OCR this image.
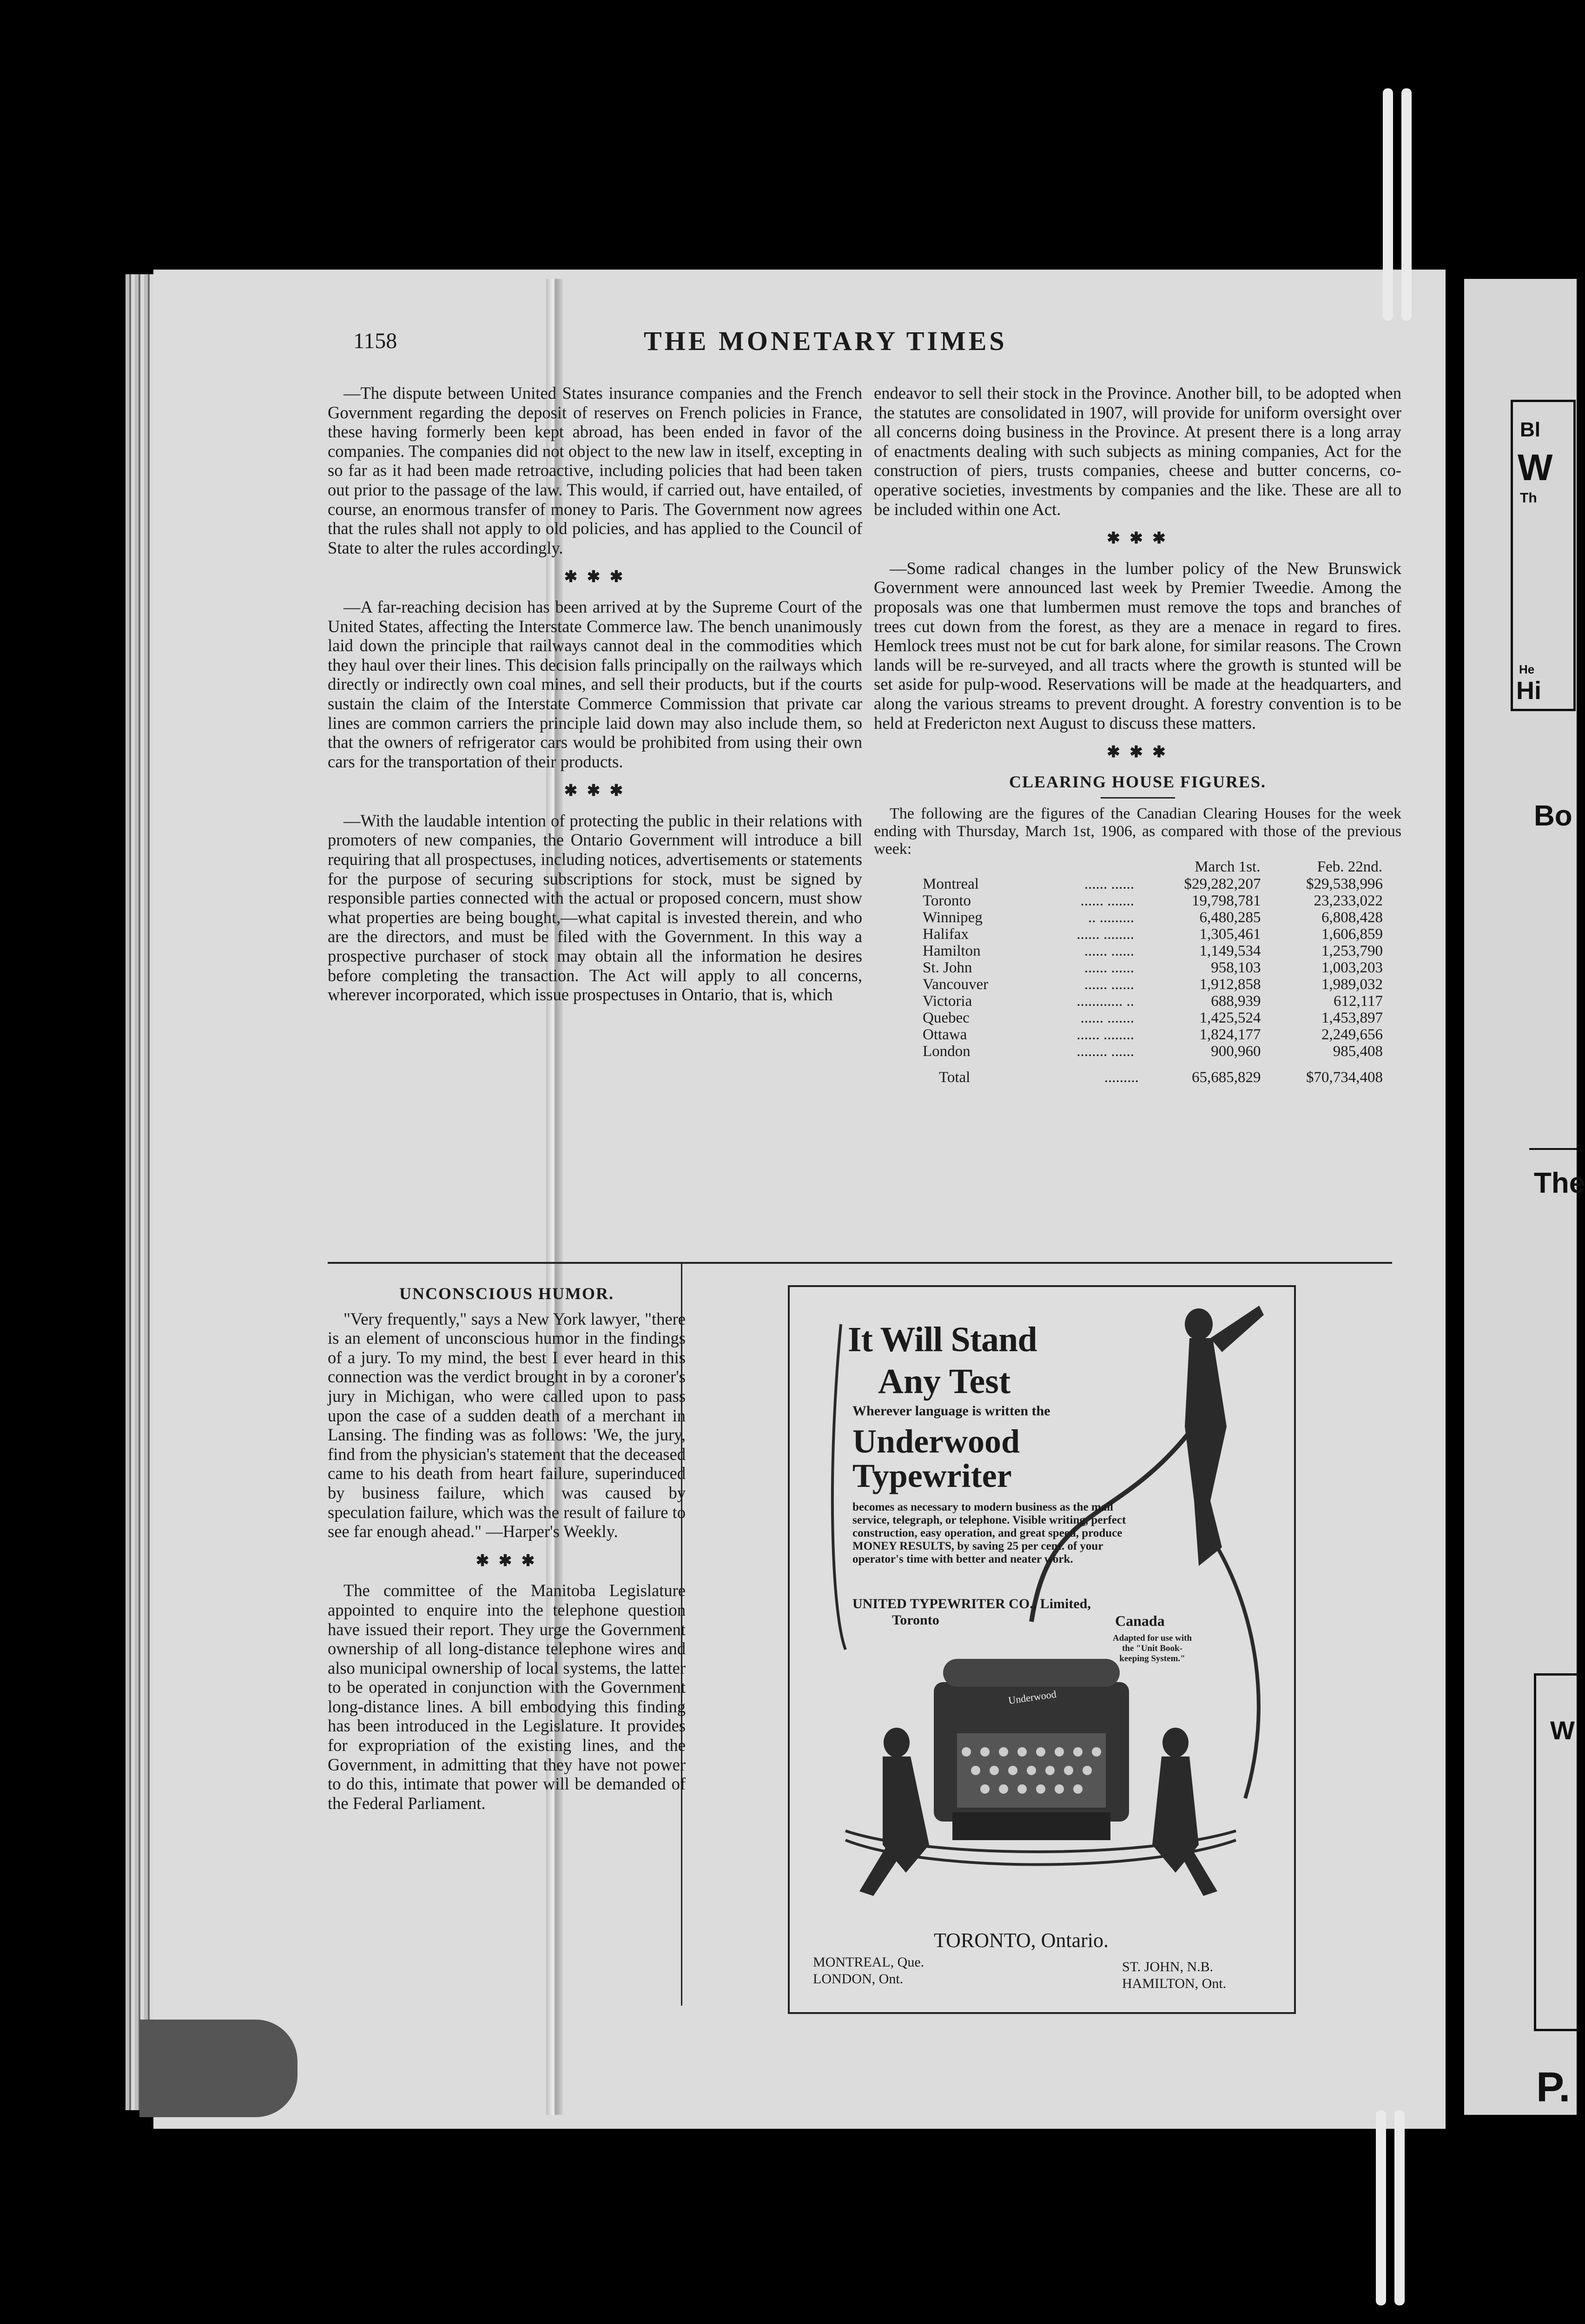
1158	THE MONETARY TIMES

—The dispute between United States insurance companies and the French Government regarding the deposit of reserves on French policies in France, these having formerly been kept abroad, has been ended in favor of the companies. The companies did not object to the new law in itself, excepting in so far as it had been made retroactive, including policies that had been taken out prior to the passage of the law. This would, if carried out, have entailed, of course, an enormous transfer of money to Paris. The Government now agrees that the rules shall not apply to old policies, and has applied to the Council of State to alter the rules accordingly.

✱ ✱ ✱

—A far-reaching decision has been arrived at by the Supreme Court of the United States, affecting the Interstate Commerce law. The bench unanimously laid down the principle that railways cannot deal in the commodities which they haul over their lines. This decision falls principally on the railways which directly or indirectly own coal mines, and sell their products, but if the courts sustain the claim of the Interstate Commerce Commission that private car lines are common carriers the principle laid down may also include them, so that the owners of refrigerator cars would be prohibited from using their own cars for the transportation of their products.

✱ ✱ ✱

—With the laudable intention of protecting the public in their relations with promoters of new companies, the Ontario Government will introduce a bill requiring that all prospectuses, including notices, advertisements or statements for the purpose of securing subscriptions for stock, must be signed by responsible parties connected with the actual or proposed concern, must show what properties are being bought,—what capital is invested therein, and who are the directors, and must be filed with the Government. In this way a prospective purchaser of stock may obtain all the information he desires before completing the transaction. The Act will apply to all concerns, wherever incorporated, which issue prospectuses in Ontario, that is, which

endeavor to sell their stock in the Province. Another bill, to be adopted when the statutes are consolidated in 1907, will provide for uniform oversight over all concerns doing business in the Province. At present there is a long array of enactments dealing with such subjects as mining companies, Act for the construction of piers, trusts companies, cheese and butter concerns, co-operative societies, investments by companies and the like. These are all to be included within one Act.

✱ ✱ ✱

—Some radical changes in the lumber policy of the New Brunswick Government were announced last week by Premier Tweedie. Among the proposals was one that lumbermen must remove the tops and branches of trees cut down from the forest, as they are a menace in regard to fires. Hemlock trees must not be cut for bark alone, for similar reasons. The Crown lands will be re-surveyed, and all tracts where the growth is stunted will be set aside for pulp-wood. Reservations will be made at the headquarters, and along the various streams to prevent drought. A forestry convention is to be held at Fredericton next August to discuss these matters.

✱ ✱ ✱
CLEARING HOUSE FIGURES.

The following are the figures of the Canadian Clearing Houses for the week ending with Thursday, March 1st, 1906, as compared with those of the previous week:

		March 1st.	Feb. 22nd.
Montreal	...... ......	$29,282,207	$29,538,996
Toronto	...... .......	19,798,781	23,233,022
Winnipeg	.. .........	6,480,285	6,808,428
Halifax	...... ........	1,305,461	1,606,859
Hamilton	...... ......	1,149,534	1,253,790
St. John	...... ......	958,103	1,003,203
Vancouver	...... ......	1,912,858	1,989,032
Victoria	............ ..	688,939	612,117
Quebec	...... .......	1,425,524	1,453,897
Ottawa	...... ........	1,824,177	2,249,656
London	........ ......	900,960	985,408
Total	.........	65,685,829	$70,734,408
UNCONSCIOUS HUMOR.

"Very frequently," says a New York lawyer, "there is an element of unconscious humor in the findings of a jury. To my mind, the best I ever heard in this connection was the verdict brought in by a coroner's jury in Michigan, who were called upon to pass upon the case of a sudden death of a merchant in Lansing. The finding was as follows: 'We, the jury, find from the physician's statement that the deceased came to his death from heart failure, superinduced by business failure, which was caused by speculation failure, which was the result of failure to see far enough ahead." —Harper's Weekly.

✱ ✱ ✱

The committee of the Manitoba Legislature appointed to enquire into the telephone question have issued their report. They urge the Government ownership of all long-distance telephone wires and also municipal ownership of local systems, the latter to be operated in conjunction with the Government long-distance lines. A bill embodying this finding has been introduced in the Legislature. It provides for expropriation of the existing lines, and the Government, in admitting that they have not power to do this, intimate that power will be demanded of the Federal Parliament.

It Will Stand
Any Test
Wherever language is written the
Underwood
Typewriter
becomes as necessary to modern business as the mail service, telegraph, or telephone. Visible writing, perfect construction, easy operation, and great speed, produce MONEY RESULTS, by saving 25 per cent. of your operator's time with better and neater work.
UNITED TYPEWRITER CO., Limited,
Toronto	Canada
Adapted for use with the "Unit Book-keeping System."
Underwood
TORONTO, Ontario.
MONTREAL, Que.
LONDON, Ont.
ST. JOHN, N.B.
HAMILTON, Ont.
Bl
W
Th
He
Hi
Bo
The
W
P.
